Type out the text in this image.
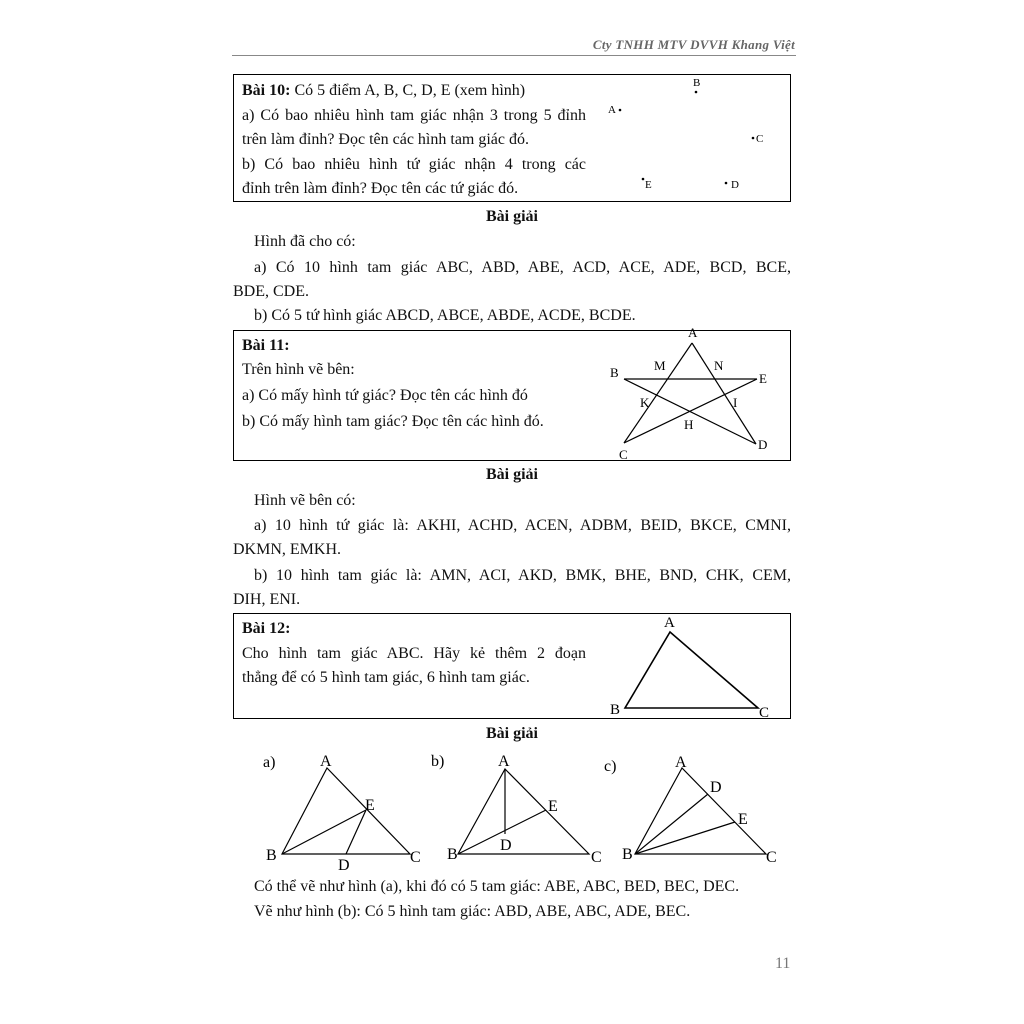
Cty TNHH MTV DVVH Khang Việt
Bài 10: Có 5 điểm A, B, C, D, E (xem hình)
a) Có bao nhiêu hình tam giác nhận 3 trong 5 đỉnh
trên làm đỉnh? Đọc tên các hình tam giác đó.
b) Có bao nhiêu hình tứ giác nhận 4 trong các
đỉnh trên làm đỉnh? Đọc tên các tứ giác đó.
B
A
C
E	D
Bài giải
Hình đã cho có:
a) Có 10 hình tam giác ABC, ABD, ABE, ACD, ACE, ADE, BCD, BCE,
BDE, CDE.
b) Có 5 tứ hình giác ABCD, ABCE, ABDE, ACDE, BCDE.
Bài 11:
Trên hình vẽ bên:
a) Có mấy hình tứ giác? Đọc tên các hình đó
b) Có mấy hình tam giác? Đọc tên các hình đó.
A
B	M	N
E
K	I
H
D
C
Bài giải
Hình vẽ bên có:
a) 10 hình tứ giác là: AKHI, ACHD, ACEN, ADBM, BEID, BKCE, CMNI,
DKMN, EMKH.
b) 10 hình tam giác là: AMN, ACI, AKD, BMK, BHE, BND, CHK, CEM,
DIH, ENI.
Bài 12:
Cho hình tam giác ABC. Hãy kẻ thêm 2 đoạn
thẳng để có 5 hình tam giác, 6 hình tam giác.
A
B	C
Bài giải
a)	A
B	C
D
E
b)	A
B	C
D
E
c)	A
B	C
D
E
Có thể vẽ như hình (a), khi đó có 5 tam giác: ABE, ABC, BED, BEC, DEC.
Vẽ như hình (b): Có 5 hình tam giác: ABD, ABE, ABC, ADE, BEC.
11
